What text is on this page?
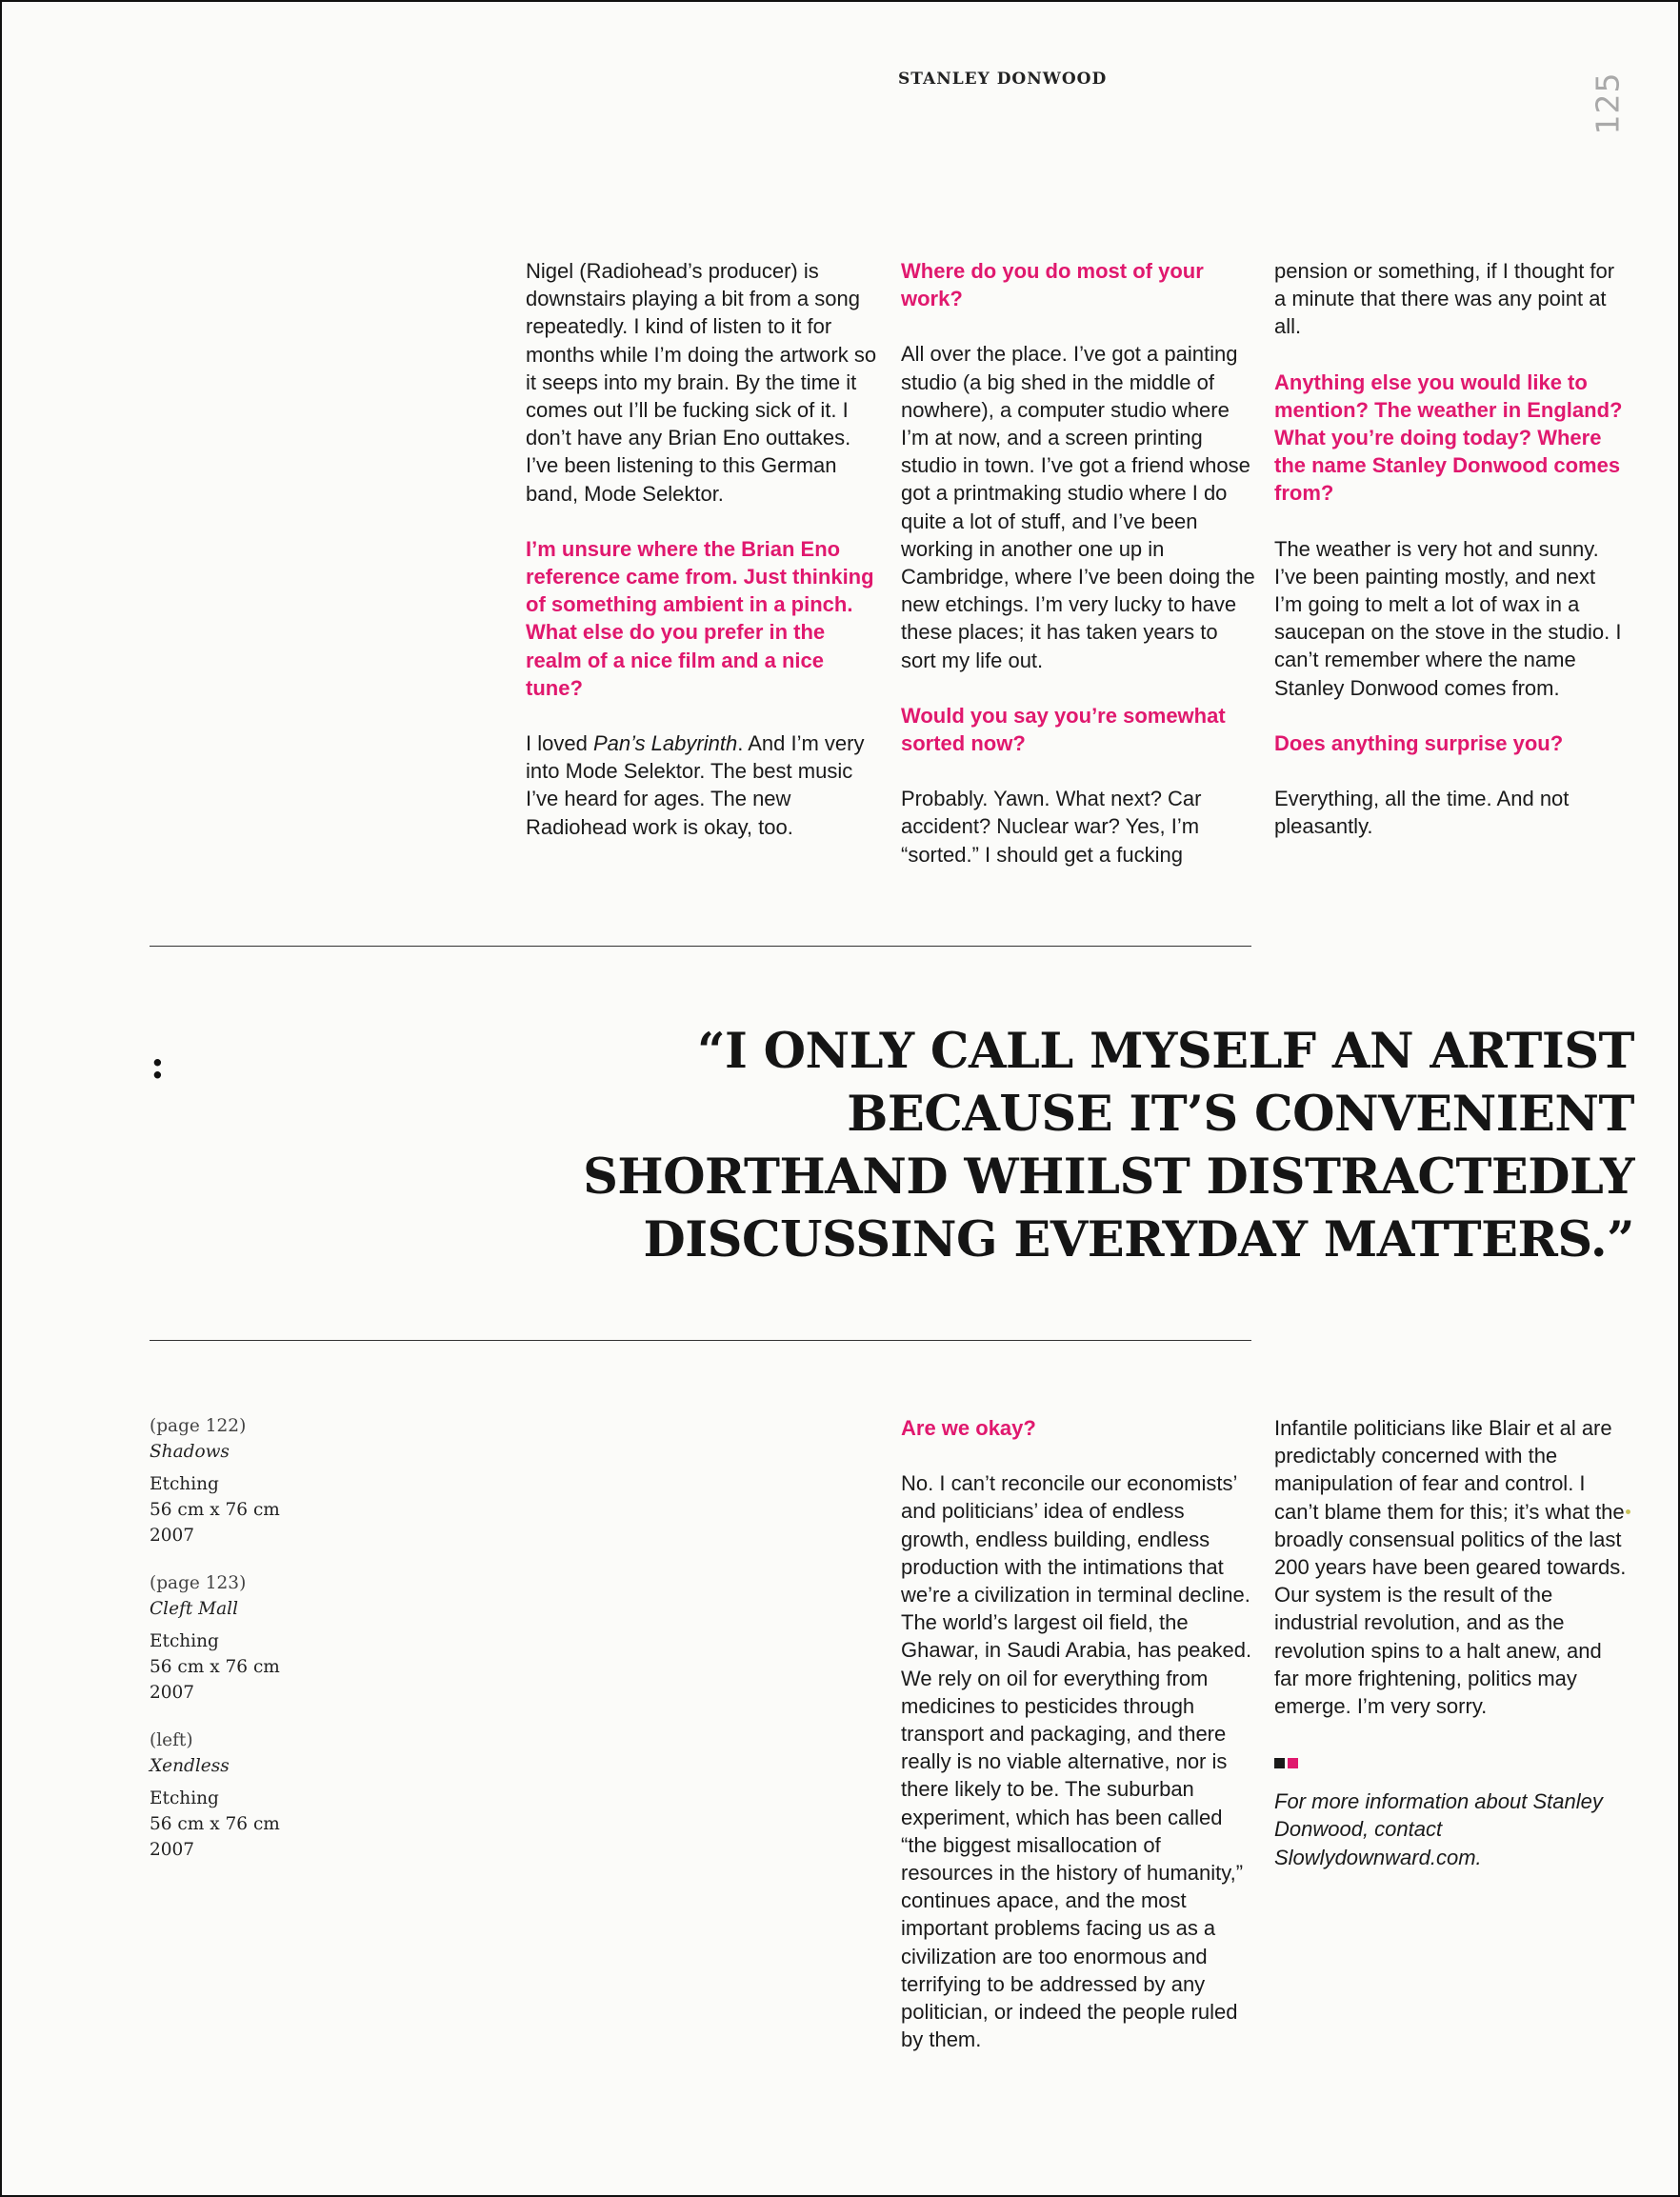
STANLEY DONWOOD	125

Nigel (Radiohead’s producer) is downstairs playing a bit from a song repeatedly. I kind of listen to it for months while I’m doing the artwork so it seeps into my brain. By the time it comes out I’ll be fucking sick of it. I don’t have any Brian Eno outtakes. I’ve been listening to this German band, Mode Selektor.

I’m unsure where the Brian Eno reference came from. Just thinking of something ambient in a pinch. What else do you prefer in the realm of a nice film and a nice tune?

I loved Pan’s Labyrinth. And I’m very into Mode Selektor. The best music I’ve heard for ages. The new Radiohead work is okay, too.

Where do you do most of your work?

All over the place. I’ve got a painting studio (a big shed in the middle of nowhere), a computer studio where I’m at now, and a screen printing studio in town. I’ve got a friend whose got a printmaking studio where I do quite a lot of stuff, and I’ve been working in another one up in Cambridge, where I’ve been doing the new etchings. I’m very lucky to have these places; it has taken years to sort my life out.

Would you say you’re somewhat sorted now?

Probably. Yawn. What next? Car accident? Nuclear war? Yes, I’m “sorted.” I should get a fucking

pension or something, if I thought for a minute that there was any point at all.

Anything else you would like to mention? The weather in England? What you’re doing today? Where the name Stanley Donwood comes from?

The weather is very hot and sunny. I’ve been painting mostly, and next I’m going to melt a lot of wax in a saucepan on the stove in the studio. I can’t remember where the name Stanley Donwood comes from.

Does anything surprise you?

Everything, all the time. And not pleasantly.

:	“I ONLY CALL MYSELF AN ARTIST
BECAUSE IT’S CONVENIENT
SHORTHAND WHILST DISTRACTEDLY
DISCUSSING EVERYDAY MATTERS.”
(page 122)
Shadows
Etching
56 cm x 76 cm
2007
(page 123)
Cleft Mall
Etching
56 cm x 76 cm
2007
(left)
Xendless
Etching
56 cm x 76 cm
2007

Are we okay?

No. I can’t reconcile our economists’ and politicians’ idea of endless growth, endless building, endless production with the intimations that we’re a civilization in terminal decline. The world’s largest oil field, the Ghawar, in Saudi Arabia, has peaked. We rely on oil for everything from medicines to pesticides through transport and packaging, and there really is no viable alternative, nor is there likely to be. The suburban experiment, which has been called “the biggest misallocation of resources in the history of humanity,” continues apace, and the most important problems facing us as a civilization are too enormous and terrifying to be addressed by any politician, or indeed the people ruled by them.

Infantile politicians like Blair et al are predictably concerned with the manipulation of fear and control. I can’t blame them for this; it’s what the broadly consensual politics of the last 200 years have been geared towards. Our system is the result of the industrial revolution, and as the revolution spins to a halt anew, and far more frightening, politics may emerge. I’m very sorry.

For more information about Stanley Donwood, contact Slowlydownward.com.
